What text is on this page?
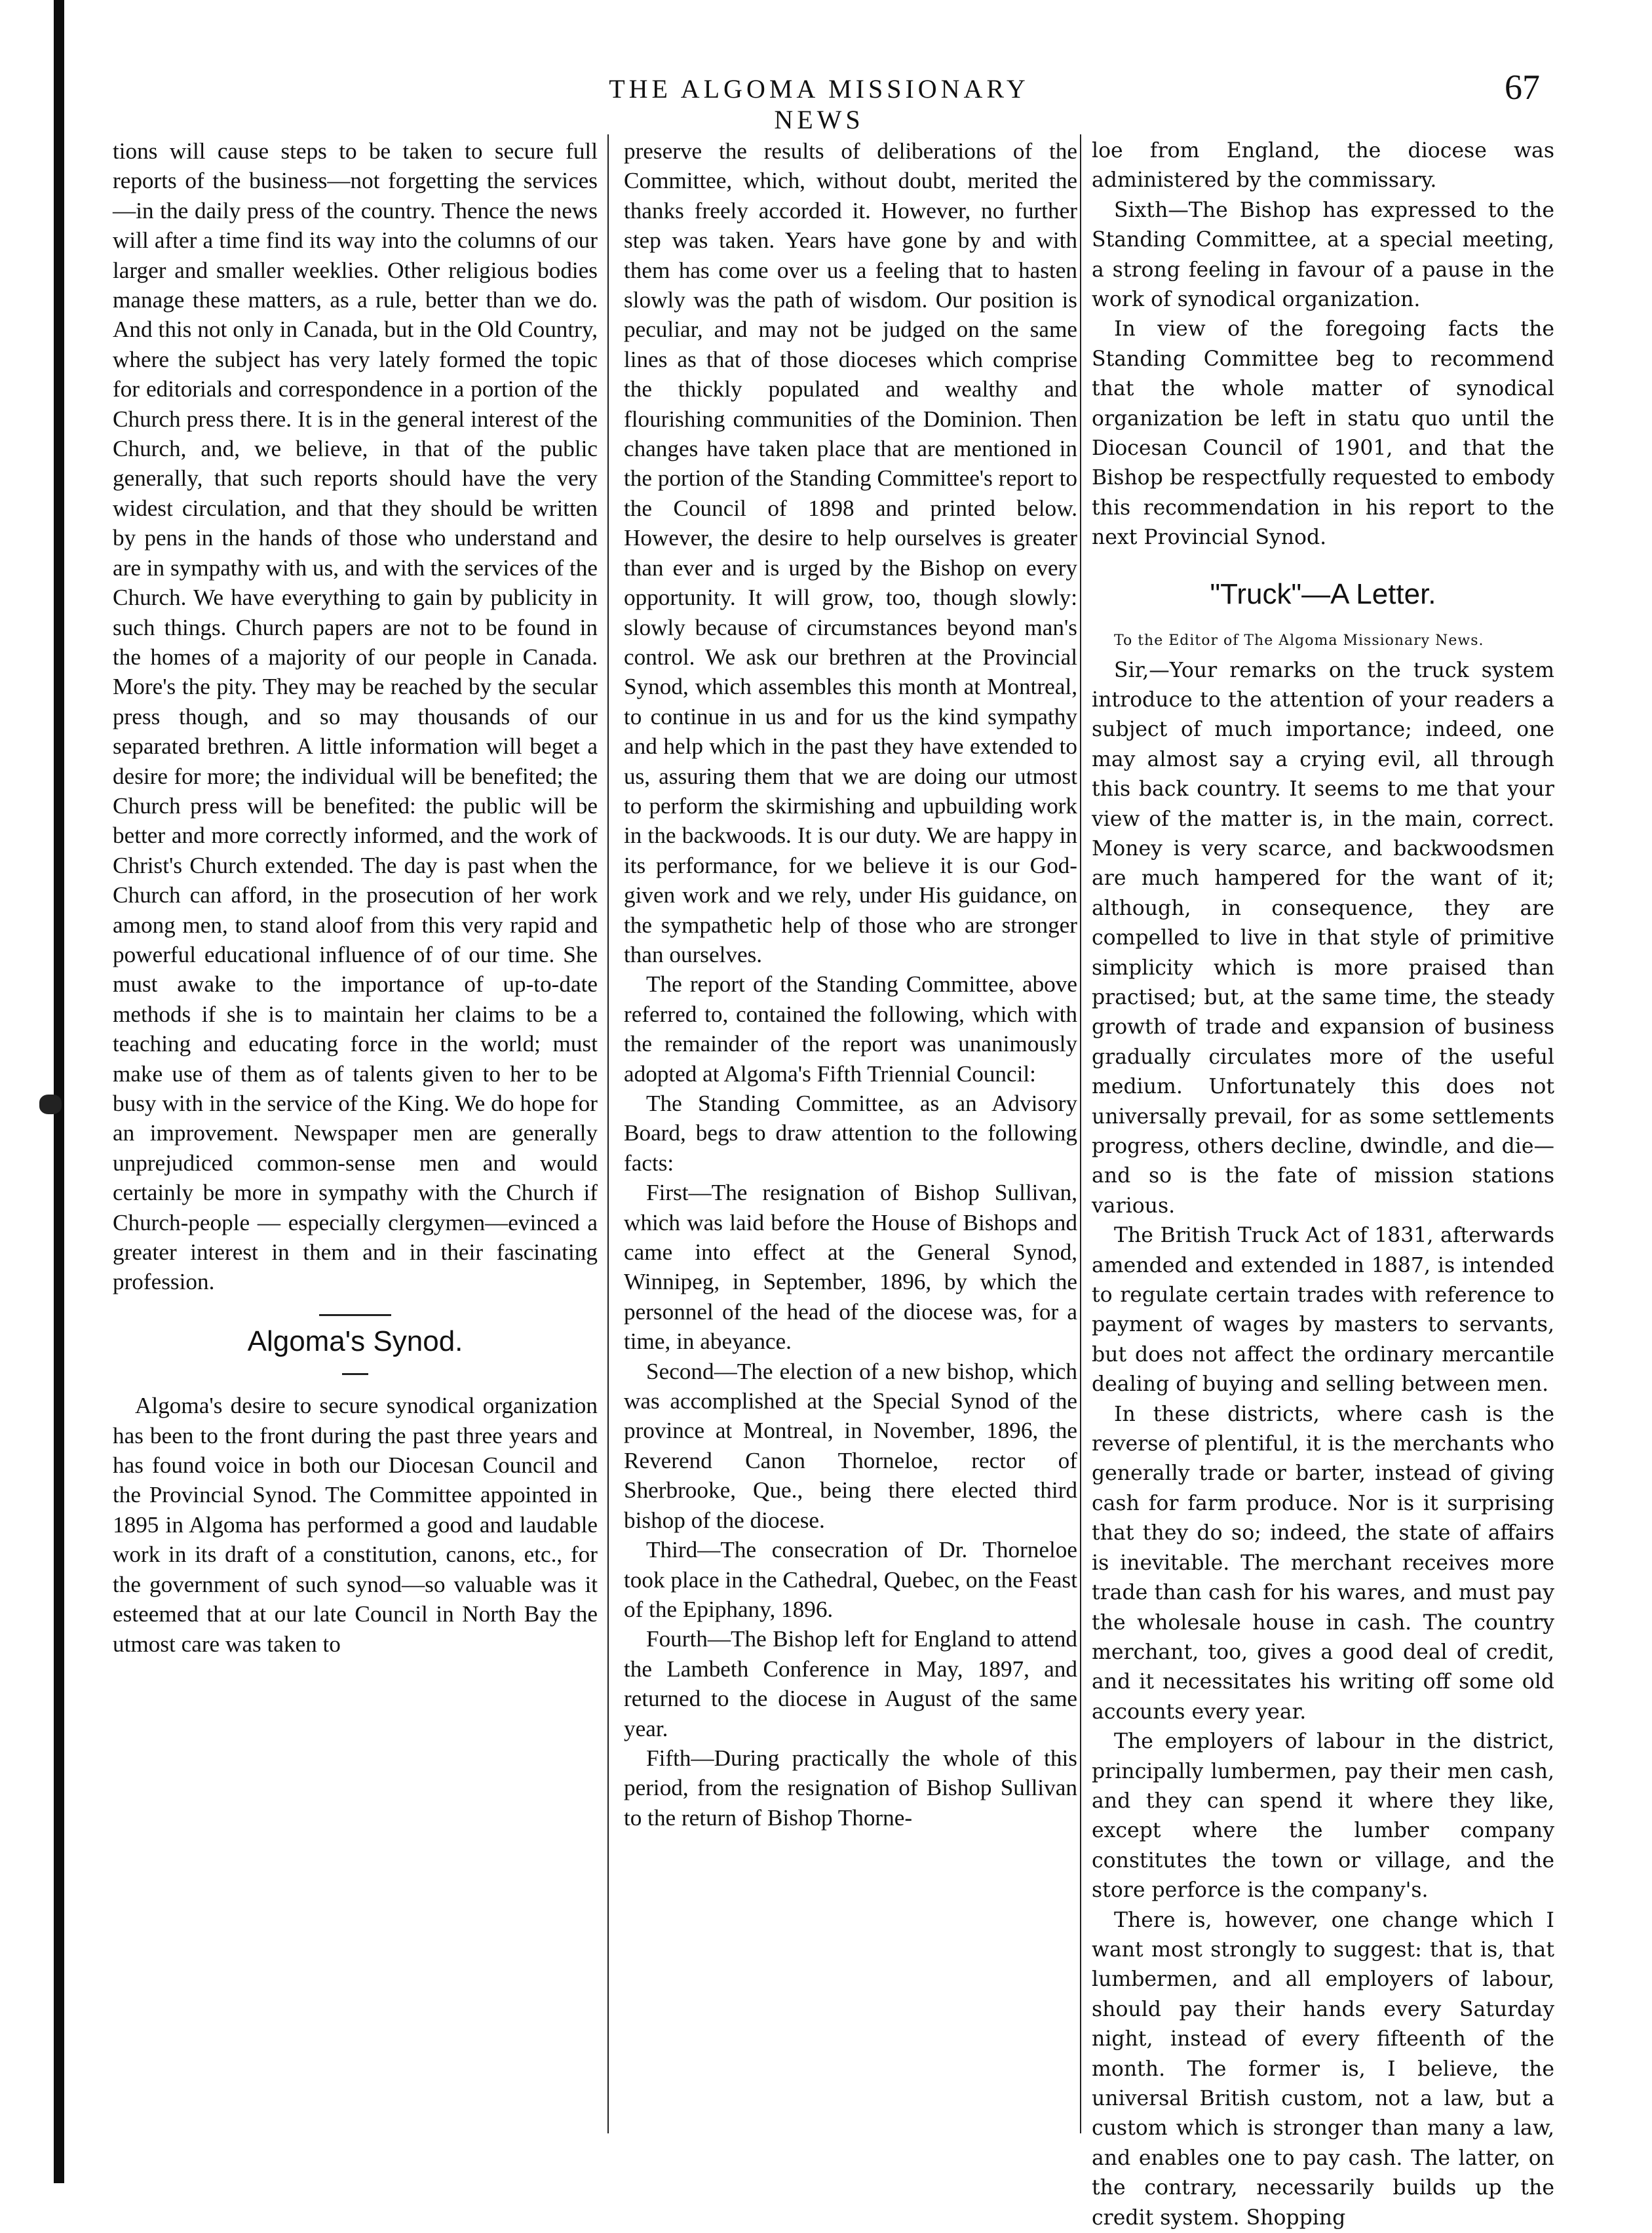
THE ALGOMA MISSIONARY NEWS
67

tions will cause steps to be taken to secure full reports of the business—not forgetting the services—in the daily press of the country. Thence the news will after a time find its way into the columns of our larger and smaller weeklies. Other religious bodies manage these matters, as a rule, better than we do. And this not only in Canada, but in the Old Country, where the subject has very lately formed the topic for editorials and correspondence in a portion of the Church press there. It is in the general interest of the Church, and, we believe, in that of the public generally, that such reports should have the very widest circulation, and that they should be written by pens in the hands of those who understand and are in sympathy with us, and with the services of the Church. We have everything to gain by publicity in such things. Church papers are not to be found in the homes of a majority of our people in Canada. More's the pity. They may be reached by the secular press though, and so may thousands of our separated brethren. A little information will beget a desire for more; the individual will be benefited; the Church press will be benefited: the public will be better and more correctly informed, and the work of Christ's Church extended. The day is past when the Church can afford, in the prosecution of her work among men, to stand aloof from this very rapid and powerful educational influence of of our time. She must awake to the importance of up-to-date methods if she is to maintain her claims to be a teaching and educating force in the world; must make use of them as of talents given to her to be busy with in the service of the King. We do hope for an improvement. Newspaper men are generally unprejudiced common-sense men and would certainly be more in sympathy with the Church if Church-people — especially clergymen—evinced a greater interest in them and in their fascinating profession.

Algoma's Synod.

Algoma's desire to secure synodical organization has been to the front during the past three years and has found voice in both our Diocesan Council and the Provincial Synod. The Committee appointed in 1895 in Algoma has performed a good and laudable work in its draft of a constitution, canons, etc., for the government of such synod—so valuable was it esteemed that at our late Council in North Bay the utmost care was taken to

preserve the results of deliberations of the Committee, which, without doubt, merited the thanks freely accorded it. However, no further step was taken. Years have gone by and with them has come over us a feeling that to hasten slowly was the path of wisdom. Our position is peculiar, and may not be judged on the same lines as that of those dioceses which comprise the thickly populated and wealthy and flourishing communities of the Dominion. Then changes have taken place that are mentioned in the portion of the Standing Committee's report to the Council of 1898 and printed below. However, the desire to help ourselves is greater than ever and is urged by the Bishop on every opportunity. It will grow, too, though slowly: slowly because of circumstances beyond man's control. We ask our brethren at the Provincial Synod, which assembles this month at Montreal, to continue in us and for us the kind sympathy and help which in the past they have extended to us, assuring them that we are doing our utmost to perform the skirmishing and upbuilding work in the backwoods. It is our duty. We are happy in its performance, for we believe it is our God-given work and we rely, under His guidance, on the sympathetic help of those who are stronger than ourselves.

The report of the Standing Committee, above referred to, contained the following, which with the remainder of the report was unanimously adopted at Algoma's Fifth Triennial Council:

The Standing Committee, as an Advisory Board, begs to draw attention to the following facts:

First—The resignation of Bishop Sullivan, which was laid before the House of Bishops and came into effect at the General Synod, Winnipeg, in September, 1896, by which the personnel of the head of the diocese was, for a time, in abeyance.

Second—The election of a new bishop, which was accomplished at the Special Synod of the province at Montreal, in November, 1896, the Reverend Canon Thorneloe, rector of Sherbrooke, Que., being there elected third bishop of the diocese.

Third—The consecration of Dr. Thorneloe took place in the Cathedral, Quebec, on the Feast of the Epiphany, 1896.

Fourth—The Bishop left for England to attend the Lambeth Conference in May, 1897, and returned to the diocese in August of the same year.

Fifth—During practically the whole of this period, from the resignation of Bishop Sullivan to the return of Bishop Thorne-

loe from England, the diocese was administered by the commissary.

Sixth—The Bishop has expressed to the Standing Committee, at a special meeting, a strong feeling in favour of a pause in the work of synodical organization.

In view of the foregoing facts the Standing Committee beg to recommend that the whole matter of synodical organization be left in statu quo until the Diocesan Council of 1901, and that the Bishop be respectfully requested to embody this recommendation in his report to the next Provincial Synod.

"Truck"—A Letter.

To the Editor of The Algoma Missionary News.

Sir,—Your remarks on the truck system introduce to the attention of your readers a subject of much importance; indeed, one may almost say a crying evil, all through this back country. It seems to me that your view of the matter is, in the main, correct. Money is very scarce, and backwoodsmen are much hampered for the want of it; although, in consequence, they are compelled to live in that style of primitive simplicity which is more praised than practised; but, at the same time, the steady growth of trade and expansion of business gradually circulates more of the useful medium. Unfortunately this does not universally prevail, for as some settlements progress, others decline, dwindle, and die—and so is the fate of mission stations various.

The British Truck Act of 1831, afterwards amended and extended in 1887, is intended to regulate certain trades with reference to payment of wages by masters to servants, but does not affect the ordinary mercantile dealing of buying and selling between men.

In these districts, where cash is the reverse of plentiful, it is the merchants who generally trade or barter, instead of giving cash for farm produce. Nor is it surprising that they do so; indeed, the state of affairs is inevitable. The merchant receives more trade than cash for his wares, and must pay the wholesale house in cash. The country merchant, too, gives a good deal of credit, and it necessitates his writing off some old accounts every year.

The employers of labour in the district, principally lumbermen, pay their men cash, and they can spend it where they like, except where the lumber company constitutes the town or village, and the store perforce is the company's.

There is, however, one change which I want most strongly to suggest: that is, that lumbermen, and all employers of labour, should pay their hands every Saturday night, instead of every fifteenth of the month. The former is, I believe, the universal British custom, not a law, but a custom which is stronger than many a law, and enables one to pay cash. The latter, on the contrary, necessarily builds up the credit system. Shopping
